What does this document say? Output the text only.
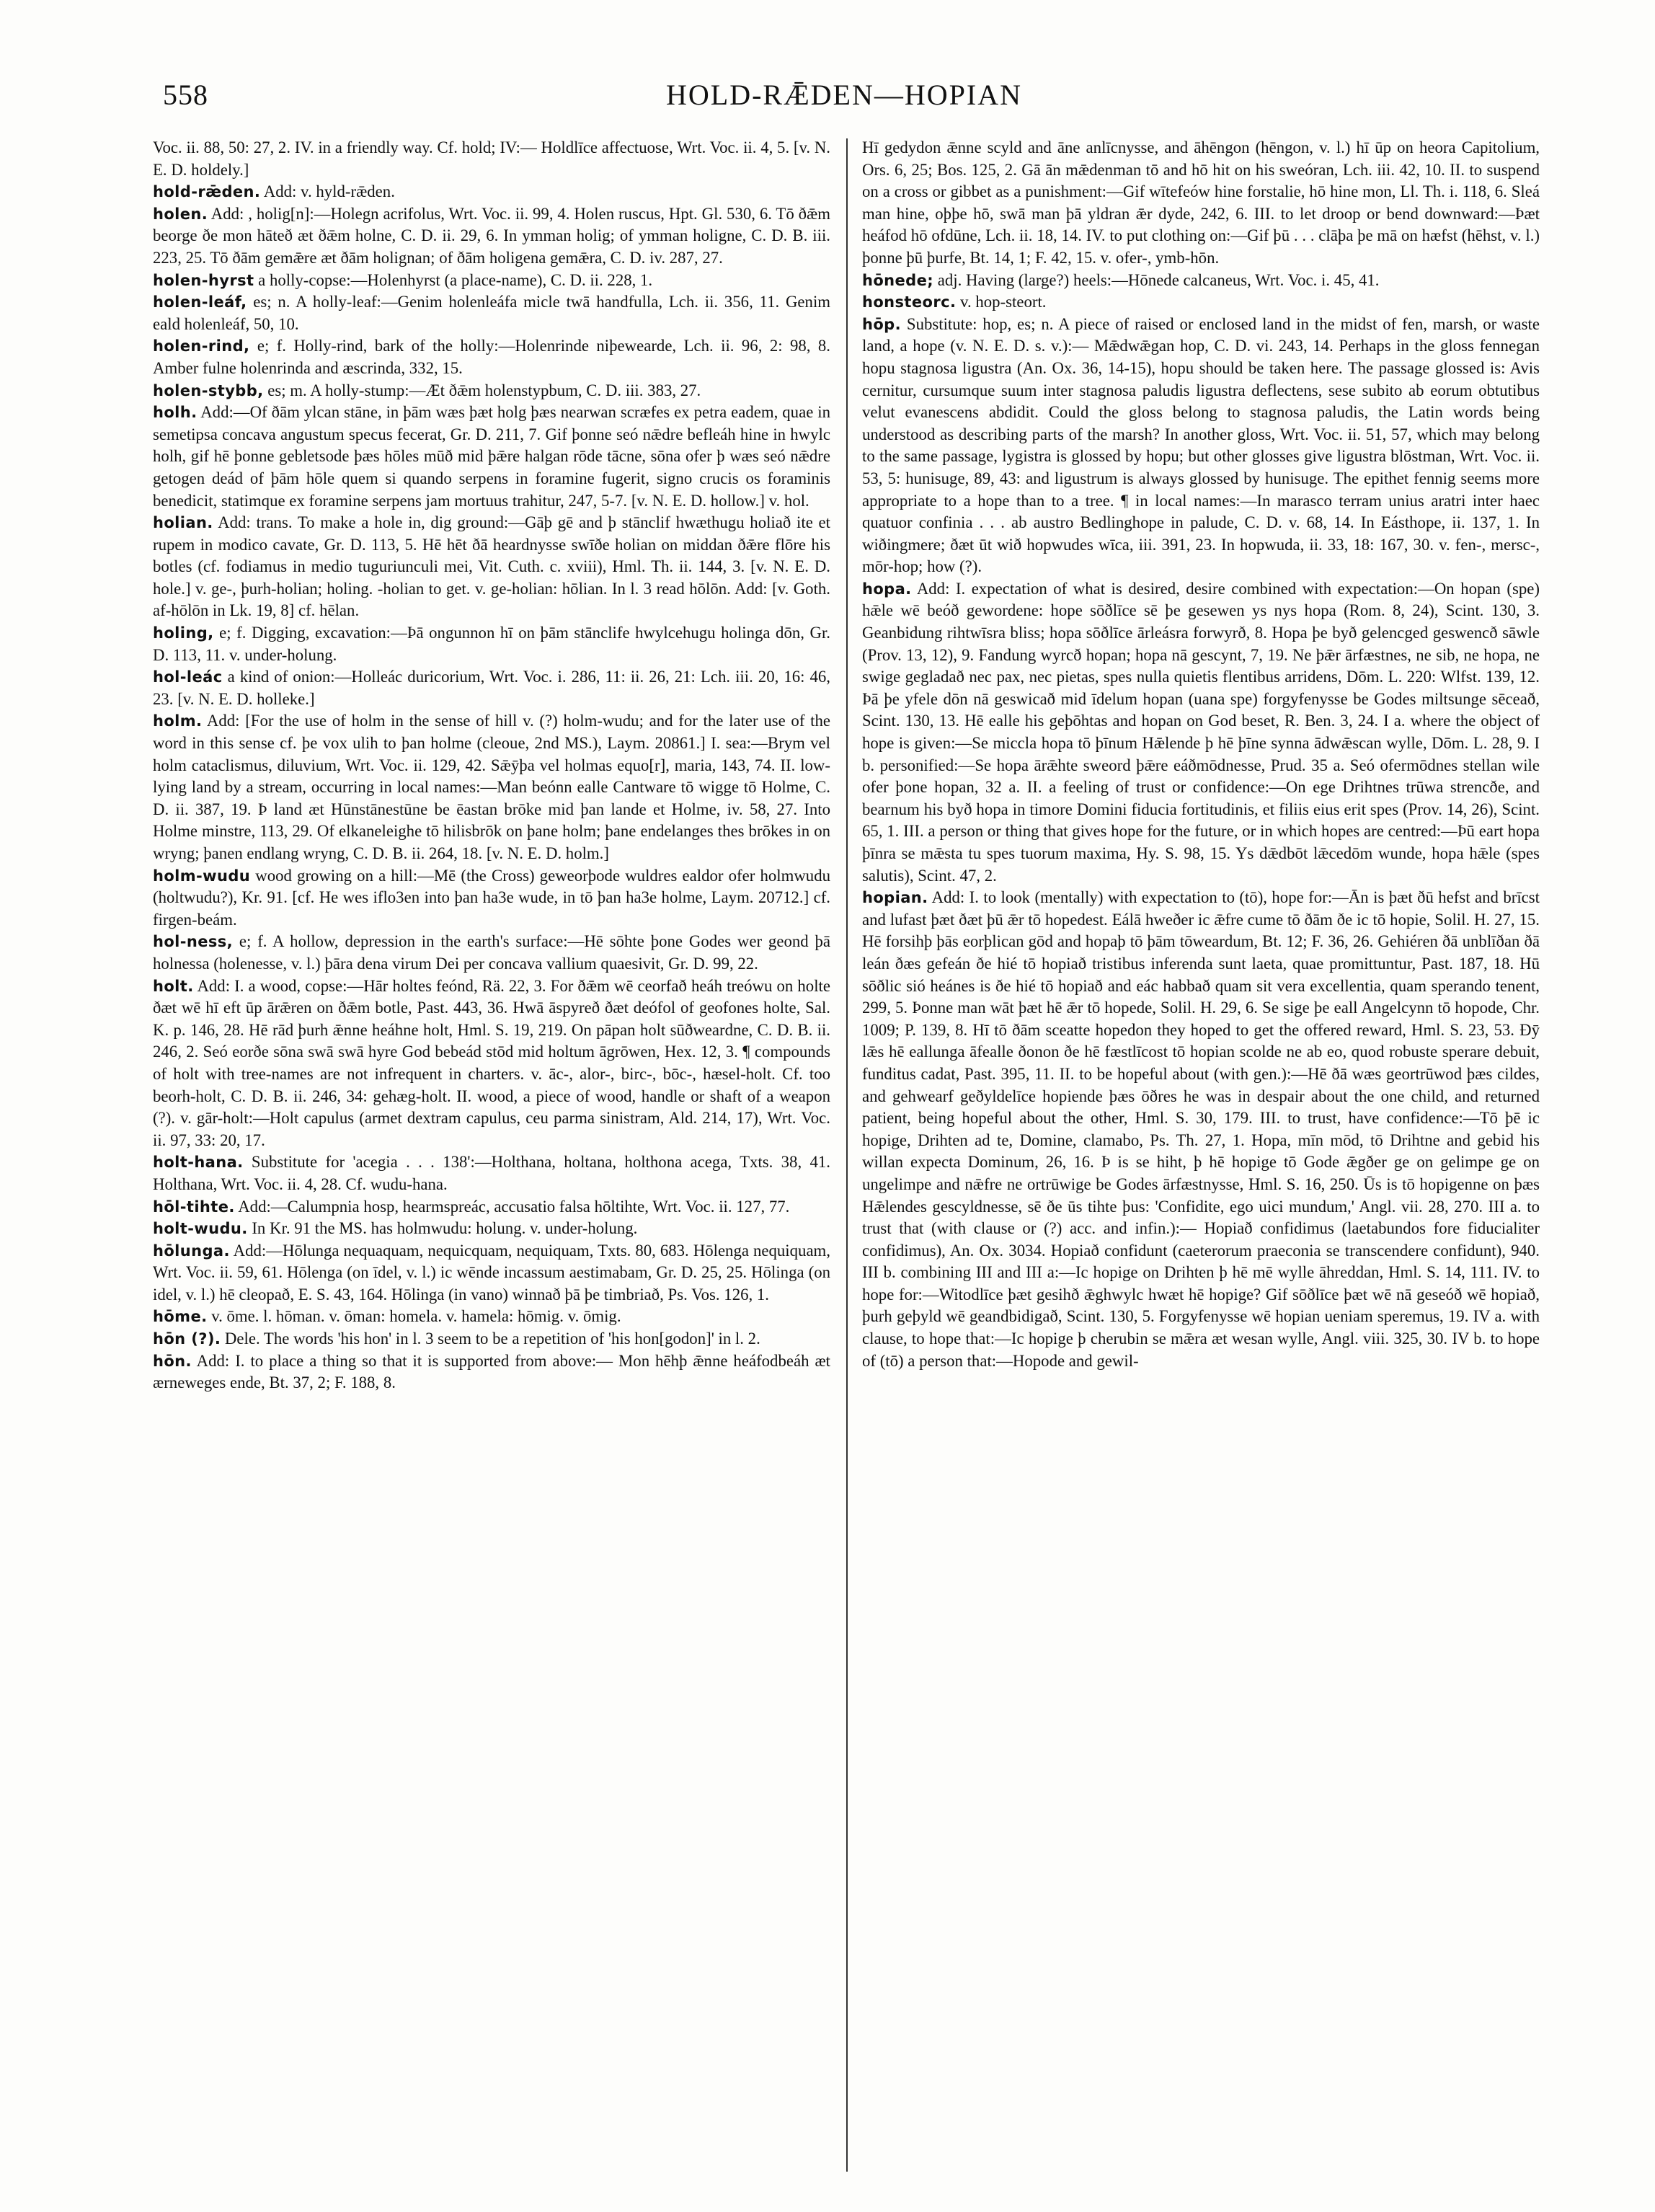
558	HOLD-RǢDEN—HOPIAN

Voc. ii. 88, 50: 27, 2. IV. in a friendly way. Cf. hold; IV:— Holdlīce affectuose, Wrt. Voc. ii. 4, 5. [v. N. E. D. holdely.]

hold-rǣden. Add: v. hyld-rǣden.

holen. Add: , holig[n]:—Holegn acrifolus, Wrt. Voc. ii. 99, 4. Holen ruscus, Hpt. Gl. 530, 6. Tō ðǣm beorge ðe mon hāteð æt ðǣm holne, C. D. ii. 29, 6. In ymman holig; of ymman holigne, C. D. B. iii. 223, 25. Tō ðām gemǣre æt ðām holignan; of ðām holigena gemǣra, C. D. iv. 287, 27.

holen-hyrst a holly-copse:—Holenhyrst (a place-name), C. D. ii. 228, 1.

holen-leáf, es; n. A holly-leaf:—Genim holenleáfa micle twā handfulla, Lch. ii. 356, 11. Genim eald holenleáf, 50, 10.

holen-rind, e; f. Holly-rind, bark of the holly:—Holenrinde niþewearde, Lch. ii. 96, 2: 98, 8. Amber fulne holenrinda and æscrinda, 332, 15.

holen-stybb, es; m. A holly-stump:—Æt ðǣm holenstypbum, C. D. iii. 383, 27.

holh. Add:—Of ðām ylcan stāne, in þām wæs þæt holg þæs nearwan scræfes ex petra eadem, quae in semetipsa concava angustum specus fecerat, Gr. D. 211, 7. Gif þonne seó nǣdre befleáh hine in hwylc holh, gif hē þonne gebletsode þæs hōles mūð mid þǣre halgan rōde tācne, sōna ofer þ wæs seó nǣdre getogen deád of þām hōle quem si quando serpens in foramine fugerit, signo crucis os foraminis benedicit, statimque ex foramine serpens jam mortuus trahitur, 247, 5-7. [v. N. E. D. hollow.] v. hol.

holian. Add: trans. To make a hole in, dig ground:—Gāþ gē and þ stānclif hwæthugu holiað ite et rupem in modico cavate, Gr. D. 113, 5. Hē hēt ðā heardnysse swīðe holian on middan ðǣre flōre his botles (cf. fodiamus in medio tuguriunculi mei, Vit. Cuth. c. xviii), Hml. Th. ii. 144, 3. [v. N. E. D. hole.] v. ge-, þurh-holian; holing. -holian to get. v. ge-holian: hōlian. In l. 3 read hōlōn. Add: [v. Goth. af-hōlōn in Lk. 19, 8] cf. hēlan.

holing, e; f. Digging, excavation:—Þā ongunnon hī on þām stānclife hwylcehugu holinga dōn, Gr. D. 113, 11. v. under-holung.

hol-leác a kind of onion:—Holleác duricorium, Wrt. Voc. i. 286, 11: ii. 26, 21: Lch. iii. 20, 16: 46, 23. [v. N. E. D. holleke.]

holm. Add: [For the use of holm in the sense of hill v. (?) holm-wudu; and for the later use of the word in this sense cf. þe vox ulih to þan holme (cleoue, 2nd MS.), Laym. 20861.] I. sea:—Brym vel holm cataclismus, diluvium, Wrt. Voc. ii. 129, 42. Sǣȳþa vel holmas equo[r], maria, 143, 74. II. low-lying land by a stream, occurring in local names:—Man beónn ealle Cantware tō wigge tō Holme, C. D. ii. 387, 19. Þ land æt Hūnstānestūne be ēastan brōke mid þan lande et Holme, iv. 58, 27. Into Holme minstre, 113, 29. Of elkaneleighe tō hilisbrōk on þane holm; þane endelanges thes brōkes in on wryng; þanen endlang wryng, C. D. B. ii. 264, 18. [v. N. E. D. holm.]

holm-wudu wood growing on a hill:—Mē (the Cross) geweorþode wuldres ealdor ofer holmwudu (holtwudu?), Kr. 91. [cf. He wes iflo3en into þan ha3e wude, in tō þan ha3e holme, Laym. 20712.] cf. firgen-beám.

hol-ness, e; f. A hollow, depression in the earth's surface:—Hē sōhte þone Godes wer geond þā holnessa (holenesse, v. l.) þāra dena virum Dei per concava vallium quaesivit, Gr. D. 99, 22.

holt. Add: I. a wood, copse:—Hār holtes feónd, Rä. 22, 3. For ðǣm wē ceorfað heáh treówu on holte ðæt wē hī eft ūp ārǣren on ðǣm botle, Past. 443, 36. Hwā āspyreð ðæt deófol of geofones holte, Sal. K. p. 146, 28. Hē rād þurh ǣnne heáhne holt, Hml. S. 19, 219. On pāpan holt sūðweardne, C. D. B. ii. 246, 2. Seó eorðe sōna swā swā hyre God bebeád stōd mid holtum āgrōwen, Hex. 12, 3. ¶ compounds of holt with tree-names are not infrequent in charters. v. āc-, alor-, birc-, bōc-, hæsel-holt. Cf. too beorh-holt, C. D. B. ii. 246, 34: gehæg-holt. II. wood, a piece of wood, handle or shaft of a weapon (?). v. gār-holt:—Holt capulus (armet dextram capulus, ceu parma sinistram, Ald. 214, 17), Wrt. Voc. ii. 97, 33: 20, 17.

holt-hana. Substitute for 'acegia . . . 138':—Holthana, holtana, holthona acega, Txts. 38, 41. Holthana, Wrt. Voc. ii. 4, 28. Cf. wudu-hana.

hōl-tihte. Add:—Calumpnia hosp, hearmspreác, accusatio falsa hōltihte, Wrt. Voc. ii. 127, 77.

holt-wudu. In Kr. 91 the MS. has holmwudu: holung. v. under-holung.

hōlunga. Add:—Hōlunga nequaquam, nequicquam, nequiquam, Txts. 80, 683. Hōlenga nequiquam, Wrt. Voc. ii. 59, 61. Hōlenga (on īdel, v. l.) ic wēnde incassum aestimabam, Gr. D. 25, 25. Hōlinga (on idel, v. l.) hē cleopað, E. S. 43, 164. Hōlinga (in vano) winnað þā þe timbriað, Ps. Vos. 126, 1.

hōme. v. ōme. l. hōman. v. ōman: homela. v. hamela: hōmig. v. ōmig.

hōn (?). Dele. The words 'his hon' in l. 3 seem to be a repetition of 'his hon[godon]' in l. 2.

hōn. Add: I. to place a thing so that it is supported from above:— Mon hēhþ ǣnne heáfodbeáh æt ærneweges ende, Bt. 37, 2; F. 188, 8.

Hī gedydon ǣnne scyld and āne anlīcnysse, and āhēngon (hēngon, v. l.) hī ūp on heora Capitolium, Ors. 6, 25; Bos. 125, 2. Gā ān mǣdenman tō and hō hit on his sweóran, Lch. iii. 42, 10. II. to suspend on a cross or gibbet as a punishment:—Gif wītefeów hine forstalie, hō hine mon, Ll. Th. i. 118, 6. Sleá man hine, oþþe hō, swā man þā yldran ǣr dyde, 242, 6. III. to let droop or bend downward:—Þæt heáfod hō ofdūne, Lch. ii. 18, 14. IV. to put clothing on:—Gif þū . . . clāþa þe mā on hæfst (hēhst, v. l.) þonne þū þurfe, Bt. 14, 1; F. 42, 15. v. ofer-, ymb-hōn.

hōnede; adj. Having (large?) heels:—Hōnede calcaneus, Wrt. Voc. i. 45, 41.

honsteorc. v. hop-steort.

hōp. Substitute: hop, es; n. A piece of raised or enclosed land in the midst of fen, marsh, or waste land, a hope (v. N. E. D. s. v.):— Mǣdwǣgan hop, C. D. vi. 243, 14. Perhaps in the gloss fennegan hopu stagnosa ligustra (An. Ox. 36, 14-15), hopu should be taken here. The passage glossed is: Avis cernitur, cursumque suum inter stagnosa paludis ligustra deflectens, sese subito ab eorum obtutibus velut evanescens abdidit. Could the gloss belong to stagnosa paludis, the Latin words being understood as describing parts of the marsh? In another gloss, Wrt. Voc. ii. 51, 57, which may belong to the same passage, lygistra is glossed by hopu; but other glosses give ligustra blōstman, Wrt. Voc. ii. 53, 5: hunisuge, 89, 43: and ligustrum is always glossed by hunisuge. The epithet fennig seems more appropriate to a hope than to a tree. ¶ in local names:—In marasco terram unius aratri inter haec quatuor confinia . . . ab austro Bedlinghope in palude, C. D. v. 68, 14. In Eásthope, ii. 137, 1. In wiðingmere; ðæt ūt wið hopwudes wīca, iii. 391, 23. In hopwuda, ii. 33, 18: 167, 30. v. fen-, mersc-, mōr-hop; how (?).

hopa. Add: I. expectation of what is desired, desire combined with expectation:—On hopan (spe) hǣle wē beóð gewordene: hope sōðlīce sē þe gesewen ys nys hopa (Rom. 8, 24), Scint. 130, 3. Geanbidung rihtwīsra bliss; hopa sōðlīce ārleásra forwyrð, 8. Hopa þe byð gelencged geswencð sāwle (Prov. 13, 12), 9. Fandung wyrcð hopan; hopa nā gescynt, 7, 19. Ne þǣr ārfæstnes, ne sib, ne hopa, ne swige gegladað nec pax, nec pietas, spes nulla quietis flentibus arridens, Dōm. L. 220: Wlfst. 139, 12. Þā þe yfele dōn nā geswicað mid īdelum hopan (uana spe) forgyfenysse be Godes miltsunge sēceað, Scint. 130, 13. Hē ealle his geþōhtas and hopan on God beset, R. Ben. 3, 24. I a. where the object of hope is given:—Se miccla hopa tō þīnum Hǣlende þ hē þīne synna ādwǣscan wylle, Dōm. L. 28, 9. I b. personified:—Se hopa ārǣhte sweord þǣre eáðmōdnesse, Prud. 35 a. Seó ofermōdnes stellan wile ofer þone hopan, 32 a. II. a feeling of trust or confidence:—On ege Drihtnes trūwa strencðe, and bearnum his byð hopa in timore Domini fiducia fortitudinis, et filiis eius erit spes (Prov. 14, 26), Scint. 65, 1. III. a person or thing that gives hope for the future, or in which hopes are centred:—Þū eart hopa þīnra se mǣsta tu spes tuorum maxima, Hy. S. 98, 15. Ys dǣdbōt lǣcedōm wunde, hopa hǣle (spes salutis), Scint. 47, 2.

hopian. Add: I. to look (mentally) with expectation to (tō), hope for:—Ān is þæt ðū hefst and brīcst and lufast þæt ðæt þū ǣr tō hopedest. Eálā hweðer ic ǣfre cume tō ðām ðe ic tō hopie, Solil. H. 27, 15. Hē forsihþ þās eorþlican gōd and hopaþ tō þām tōweardum, Bt. 12; F. 36, 26. Gehiéren ðā unblīðan ðā leán ðæs gefeán ðe hié tō hopiað tristibus inferenda sunt laeta, quae promittuntur, Past. 187, 18. Hū sōðlic sió heánes is ðe hié tō hopiað and eác habbað quam sit vera excellentia, quam sperando tenent, 299, 5. Þonne man wāt þæt hē ǣr tō hopede, Solil. H. 29, 6. Se sige þe eall Angelcynn tō hopode, Chr. 1009; P. 139, 8. Hī tō ðām sceatte hopedon they hoped to get the offered reward, Hml. S. 23, 53. Ðȳ lǣs hē eallunga āfealle ðonon ðe hē fæstlīcost tō hopian scolde ne ab eo, quod robuste sperare debuit, funditus cadat, Past. 395, 11. II. to be hopeful about (with gen.):—Hē ðā wæs geortrūwod þæs cildes, and gehwearf geðyldelīce hopiende þæs ōðres he was in despair about the one child, and returned patient, being hopeful about the other, Hml. S. 30, 179. III. to trust, have confidence:—Tō þē ic hopige, Drihten ad te, Domine, clamabo, Ps. Th. 27, 1. Hopa, mīn mōd, tō Drihtne and gebid his willan expecta Dominum, 26, 16. Þ is se hiht, þ hē hopige tō Gode ǣgðer ge on gelimpe ge on ungelimpe and nǣfre ne ortrūwige be Godes ārfæstnysse, Hml. S. 16, 250. Ūs is tō hopigenne on þæs Hǣlendes gescyldnesse, sē ðe ūs tihte þus: 'Confidite, ego uici mundum,' Angl. vii. 28, 270. III a. to trust that (with clause or (?) acc. and infin.):— Hopiað confidimus (laetabundos fore fiducialiter confidimus), An. Ox. 3034. Hopiað confidunt (caeterorum praeconia se transcendere confidunt), 940. III b. combining III and III a:—Ic hopige on Drihten þ hē mē wylle āhreddan, Hml. S. 14, 111. IV. to hope for:—Witodlīce þæt gesihð ǣghwylc hwæt hē hopige? Gif sōðlīce þæt wē nā geseóð wē hopiað, þurh geþyld wē geandbidigað, Scint. 130, 5. Forgyfenysse wē hopian ueniam speremus, 19. IV a. with clause, to hope that:—Ic hopige þ cherubin se mǣra æt wesan wylle, Angl. viii. 325, 30. IV b. to hope of (tō) a person that:—Hopode and gewil-
